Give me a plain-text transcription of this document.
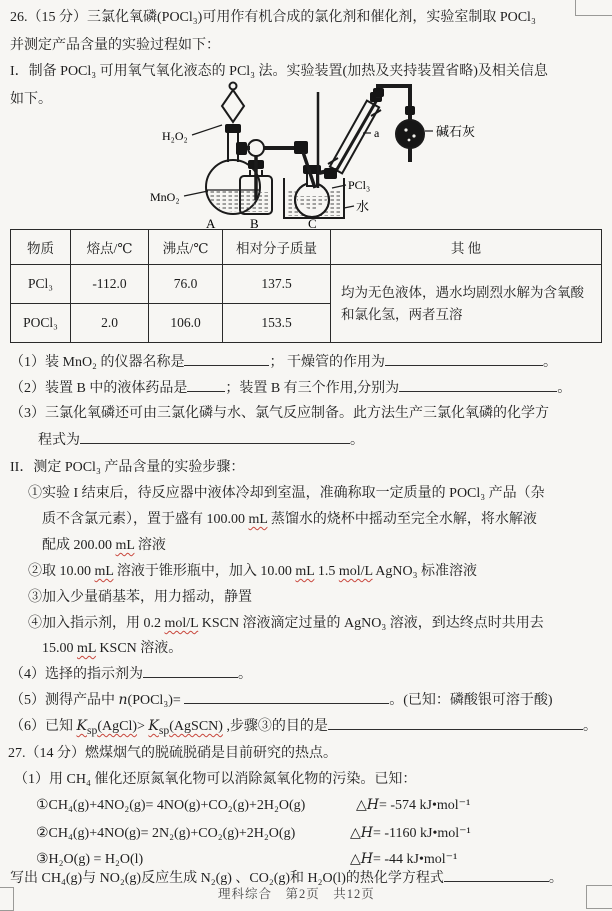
26.（15 分）三氯化氧磷(POCl₃)可用作有机合成的氯化剂和催化剂，实验室制取 POCl₃
并测定产品含量的实验过程如下：
I．制备 POCl₃ 可用氧气氧化液态的 PCl₃ 法。实验装置(加热及夹持装置省略)及相关信息
如下。
H₂O₂
MnO₂
A	B	C
PCl₃
水
a	碱石灰
物质	熔点/℃	沸点/℃	相对分子质量	其 他
PCl₃	-112.0	76.0	137.5	均为无色液体，遇水均剧烈水解为含氧酸和氯化氢，两者互溶
POCl₃	2.0	106.0	153.5	
（1）装 MnO₂ 的仪器名称是	； 干燥管的作用为	。
（2）装置 B 中的液体药品是	；装置 B 有三个作用,分别为	。
（3）三氯化氧磷还可由三氯化磷与水、氯气反应制备。此方法生产三氯化氧磷的化学方
程式为	。
II．测定 POCl₃ 产品含量的实验步骤：
①实验 I 结束后，待反应器中液体冷却到室温，准确称取一定质量的 POCl₃ 产品（杂
质不含氯元素），置于盛有 100.00 mL 蒸馏水的烧杯中摇动至完全水解，将水解液
配成 200.00 mL 溶液
②取 10.00 mL 溶液于锥形瓶中，加入 10.00 mL 1.5 mol/L AgNO₃ 标准溶液
③加入少量硝基苯，用力摇动，静置
④加入指示剂，用 0.2 mol/L KSCN 溶液滴定过量的 AgNO₃ 溶液，到达终点时共用去
15.00 mL KSCN 溶液。
（4）选择的指示剂为	。
（5）测得产品中 n(POCl₃)=	。(已知：磷酸银可溶于酸)
（6）已知 $K_{sp}(AgCl)>$ $K_{sp}(AgSCN)$ ,步骤③的目的是	。
27.（14 分）燃煤烟气的脱硫脱硝是目前研究的热点。
（1）用 CH₄ 催化还原氮氧化物可以消除氮氧化物的污染。已知：
①CH₄(g)+4NO₂(g)= 4NO(g)+CO₂(g)+2H₂O(g)	△H= -574 kJ•mol⁻¹
②CH₄(g)+4NO(g)= 2N₂(g)+CO₂(g)+2H₂O(g)	△H= -1160 kJ•mol⁻¹
③H₂O(g) = H₂O(l)	△H= -44 kJ•mol⁻¹
写出 CH₄(g)与 NO₂(g)反应生成 N₂(g) 、CO₂(g)和 H₂O(l)的热化学方程式	。
理科综合　第2页　共12页
